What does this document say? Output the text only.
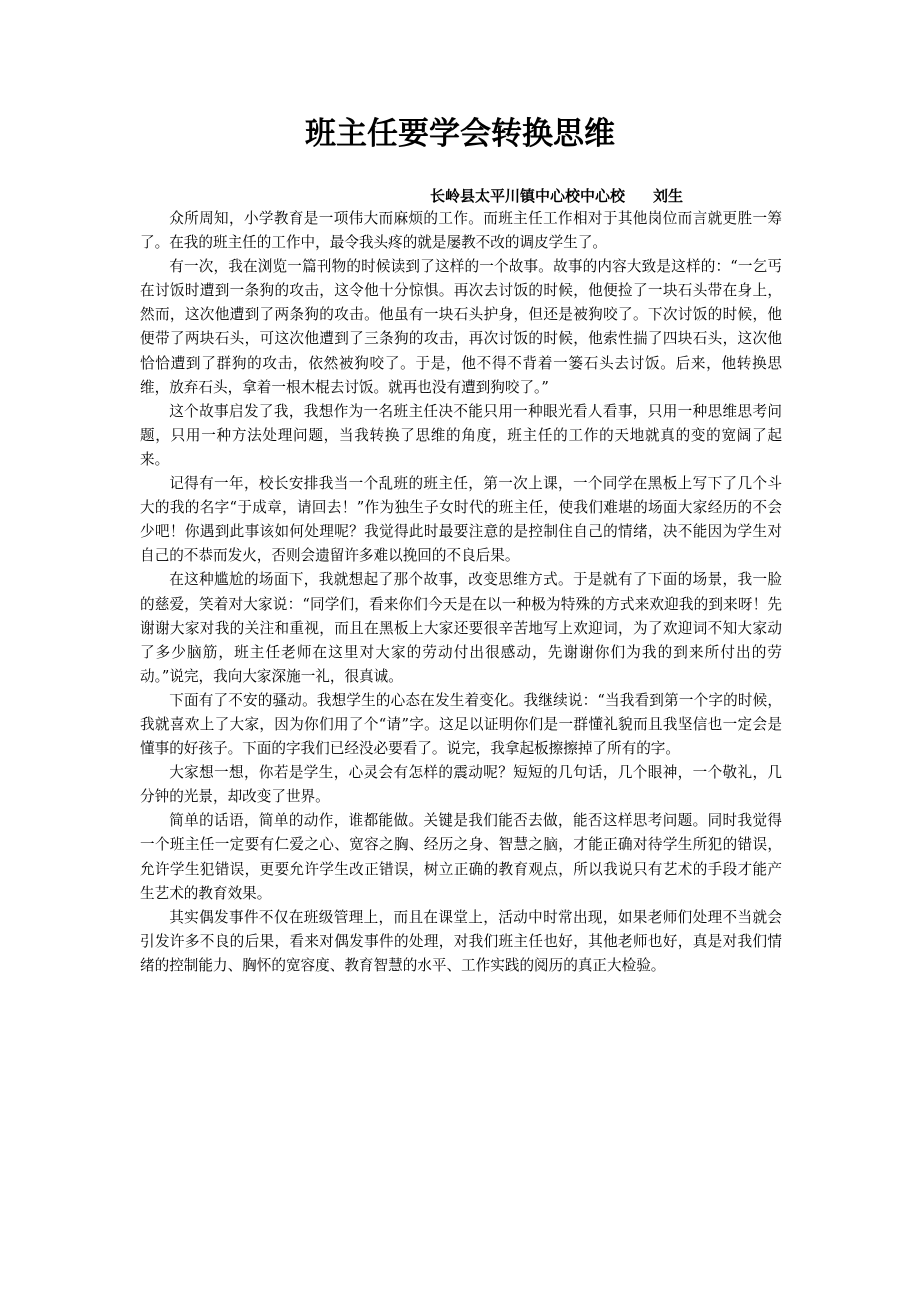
班主任要学会转换思维
长岭县太平川镇中心校中心校 刘生

众所周知，小学教育是一项伟大而麻烦的工作。而班主任工作相对于其他岗位而言就更胜一筹了。在我的班主任的工作中，最令我头疼的就是屡教不改的调皮学生了。

有一次，我在浏览一篇刊物的时候读到了这样的一个故事。故事的内容大致是这样的：“一乞丐在讨饭时遭到一条狗的攻击，这令他十分惊惧。再次去讨饭的时候，他便捡了一块石头带在身上，然而，这次他遭到了两条狗的攻击。他虽有一块石头护身，但还是被狗咬了。下次讨饭的时候，他便带了两块石头，可这次他遭到了三条狗的攻击，再次讨饭的时候，他索性揣了四块石头，这次他恰恰遭到了群狗的攻击，依然被狗咬了。于是，他不得不背着一篓石头去讨饭。后来，他转换思维，放弃石头，拿着一根木棍去讨饭。就再也没有遭到狗咬了。”

这个故事启发了我，我想作为一名班主任决不能只用一种眼光看人看事，只用一种思维思考问题，只用一种方法处理问题，当我转换了思维的角度，班主任的工作的天地就真的变的宽阔了起来。

记得有一年，校长安排我当一个乱班的班主任，第一次上课，一个同学在黑板上写下了几个斗大的我的名字“于成章，请回去！”作为独生子女时代的班主任，使我们难堪的场面大家经历的不会少吧！你遇到此事该如何处理呢？我觉得此时最要注意的是控制住自己的情绪，决不能因为学生对自己的不恭而发火，否则会遗留许多难以挽回的不良后果。

在这种尴尬的场面下，我就想起了那个故事，改变思维方式。于是就有了下面的场景，我一脸的慈爱，笑着对大家说：“同学们，看来你们今天是在以一种极为特殊的方式来欢迎我的到来呀！先谢谢大家对我的关注和重视，而且在黑板上大家还要很辛苦地写上欢迎词，为了欢迎词不知大家动了多少脑筋，班主任老师在这里对大家的劳动付出很感动，先谢谢你们为我的到来所付出的劳动。”说完，我向大家深施一礼，很真诚。

下面有了不安的骚动。我想学生的心态在发生着变化。我继续说：“当我看到第一个字的时候，我就喜欢上了大家，因为你们用了个“请”字。这足以证明你们是一群懂礼貌而且我坚信也一定会是懂事的好孩子。下面的字我们已经没必要看了。说完，我拿起板擦擦掉了所有的字。

大家想一想，你若是学生，心灵会有怎样的震动呢？短短的几句话，几个眼神，一个敬礼，几分钟的光景，却改变了世界。

简单的话语，简单的动作，谁都能做。关键是我们能否去做，能否这样思考问题。同时我觉得一个班主任一定要有仁爱之心、宽容之胸、经历之身、智慧之脑，才能正确对待学生所犯的错误，允许学生犯错误，更要允许学生改正错误，树立正确的教育观点，所以我说只有艺术的手段才能产生艺术的教育效果。

其实偶发事件不仅在班级管理上，而且在课堂上，活动中时常出现，如果老师们处理不当就会引发许多不良的后果，看来对偶发事件的处理，对我们班主任也好，其他老师也好，真是对我们情绪的控制能力、胸怀的宽容度、教育智慧的水平、工作实践的阅历的真正大检验。
